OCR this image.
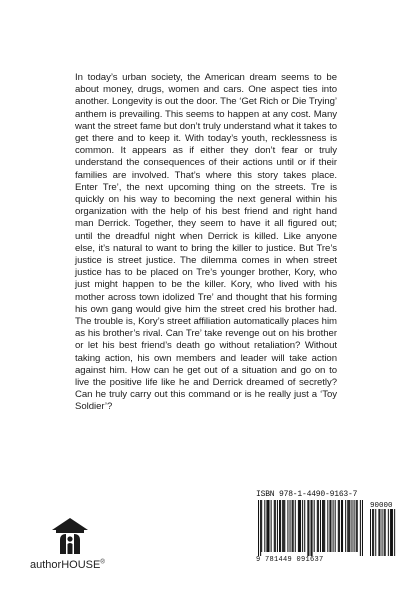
In today’s urban society, the American dream seems to be about money, drugs, women and cars. One aspect ties into another. Longevity is out the door. The ‘Get Rich or Die Trying’ anthem is prevailing. This seems to happen at any cost. Many want the street fame but don’t truly understand what it takes to get there and to keep it. With today’s youth, recklessness is common. It appears as if either they don’t fear or truly understand the consequences of their actions until or if their families are involved. That’s where this story takes place. Enter Tre’, the next upcoming thing on the streets. Tre is quickly on his way to becoming the next general within his organization with the help of his best friend and right hand man Derrick. Together, they seem to have it all figured out; until the dreadful night when Derrick is killed. Like anyone else, it’s natural to want to bring the killer to justice. But Tre’s justice is street justice. The dilemma comes in when street justice has to be placed on Tre’s younger brother, Kory, who just might happen to be the killer. Kory, who lived with his mother across town idolized Tre’ and thought that his forming his own gang would give him the street cred his brother had. The trouble is, Kory’s street affiliation automatically places him as his brother’s rival. Can Tre’ take revenge out on his brother or let his best friend’s death go without retaliation? Without taking action, his own members and leader will take action against him. How can he get out of a situation and go on to live the positive life like he and Derrick dreamed of secretly? Can he truly carry out this command or is he really just a ‘Toy Soldier’?

authorHOUSE®
ISBN 978-1-4490-9163-7
90000
9 781449 091637
